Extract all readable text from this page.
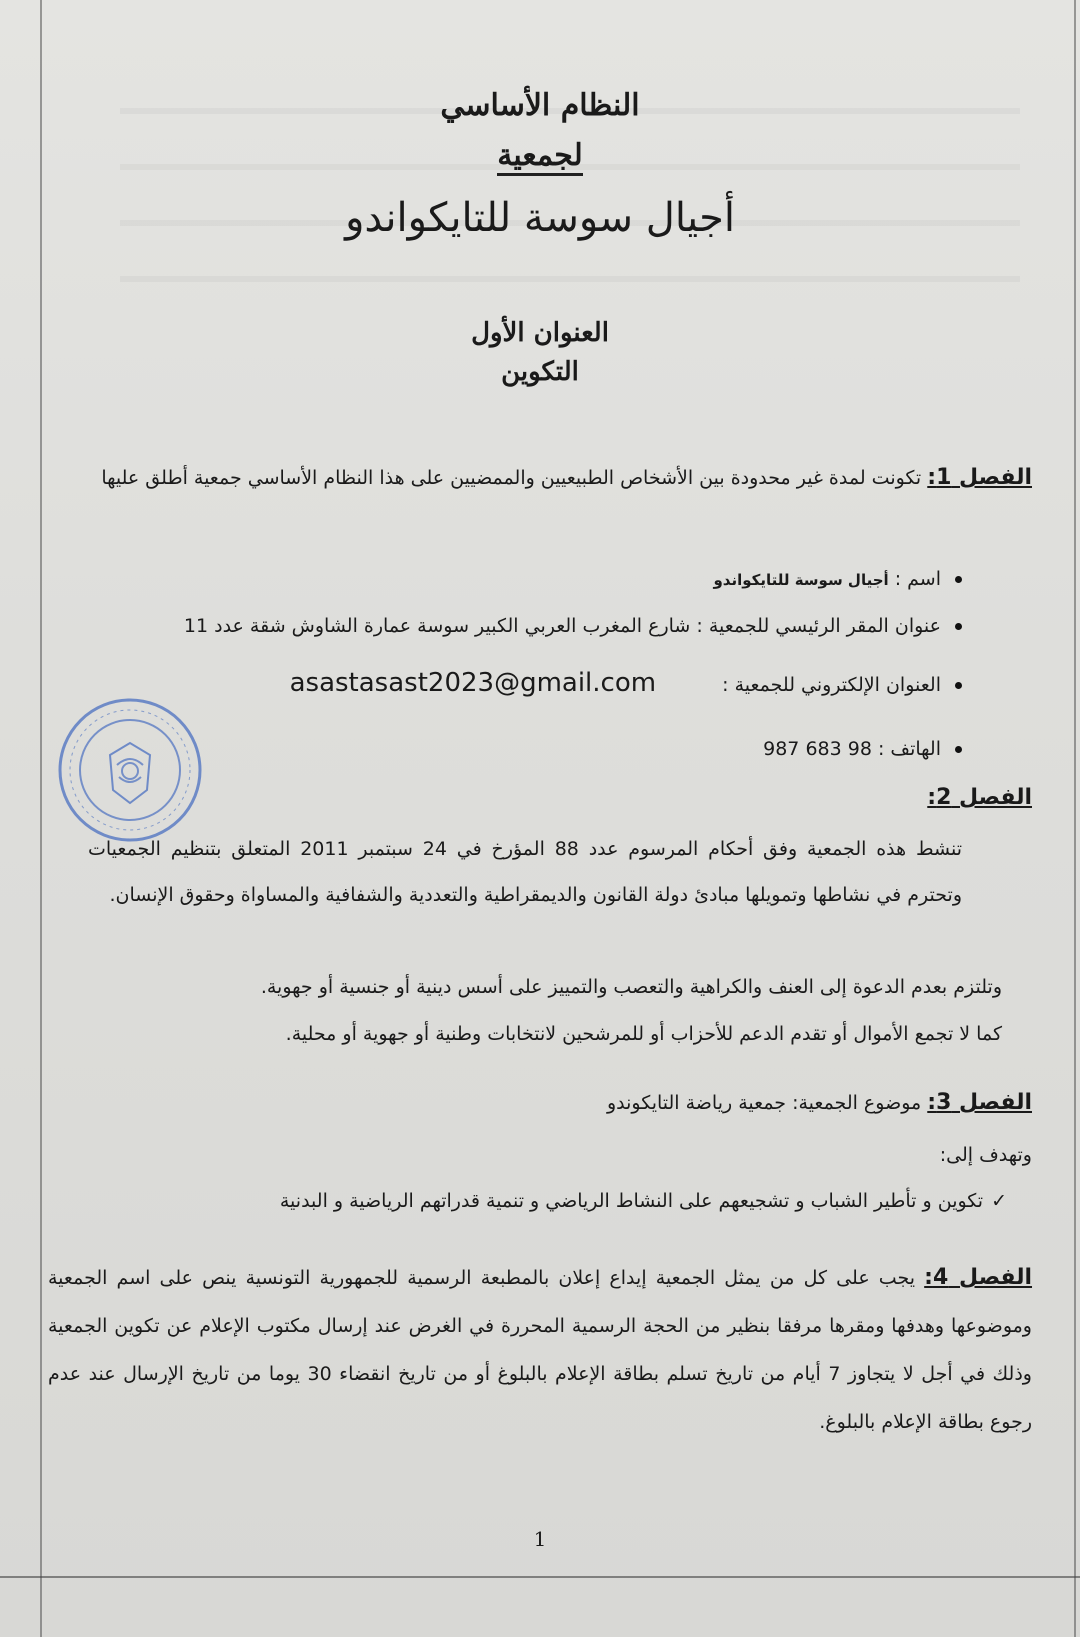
النظام الأساسي
لجمعية
أجيال سوسة للتايكواندو
العنوان الأول
التكوين
الفصل 1: تكونت لمدة غير محدودة بين الأشخاص الطبيعيين والممضيين على هذا النظام الأساسي جمعية أطلق عليها
اسم : أجيال سوسة للتايكواندو
عنوان المقر الرئيسي للجمعية : شارع المغرب العربي الكبير سوسة عمارة الشاوش شقة عدد 11
العنوان الإلكتروني للجمعية : asastasast2023@gmail.com
الهاتف : 98 683 987
الفصل 2:
تنشط هذه الجمعية وفق أحكام المرسوم عدد 88 المؤرخ في 24 سبتمبر 2011 المتعلق بتنظيم الجمعيات وتحترم في نشاطها وتمويلها مبادئ دولة القانون والديمقراطية والتعددية والشفافية والمساواة وحقوق الإنسان.
وتلتزم بعدم الدعوة إلى العنف والكراهية والتعصب والتمييز على أسس دينية أو جنسية أو جهوية.
كما لا تجمع الأموال أو تقدم الدعم للأحزاب أو للمرشحين لانتخابات وطنية أو جهوية أو محلية.
الفصل 3: موضوع الجمعية: جمعية رياضة التايكوندو
وتهدف إلى:
✓تكوين و تأطير الشباب و تشجيعهم على النشاط الرياضي و تنمية قدراتهم الرياضية و البدنية
الفصل 4: يجب على كل من يمثل الجمعية إيداع إعلان بالمطبعة الرسمية للجمهورية التونسية ينص على اسم الجمعية وموضوعها وهدفها ومقرها مرفقا بنظير من الحجة الرسمية المحررة في الغرض عند إرسال مكتوب الإعلام عن تكوين الجمعية وذلك في أجل لا يتجاوز 7 أيام من تاريخ تسلم بطاقة الإعلام بالبلوغ أو من تاريخ انقضاء 30 يوما من تاريخ الإرسال عند عدم رجوع بطاقة الإعلام بالبلوغ.
1
